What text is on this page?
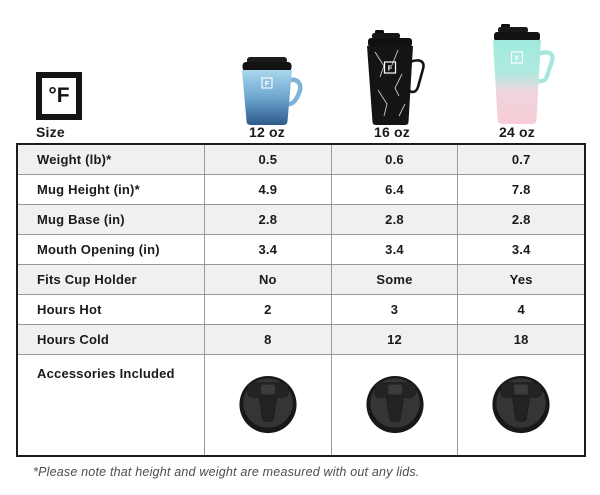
°F	F
F
F
Size	12 oz	16 oz	24 oz
Weight (lb)*	0.5	0.6	0.7
Mug Height (in)*	4.9	6.4	7.8
Mug Base (in)	2.8	2.8	2.8
Mouth Opening (in)	3.4	3.4	3.4
Fits Cup Holder	No	Some	Yes
Hours Hot	2	3	4
Hours Cold	8	12	18
Accessories Included
*Please note that height and weight are measured with out any lids.
